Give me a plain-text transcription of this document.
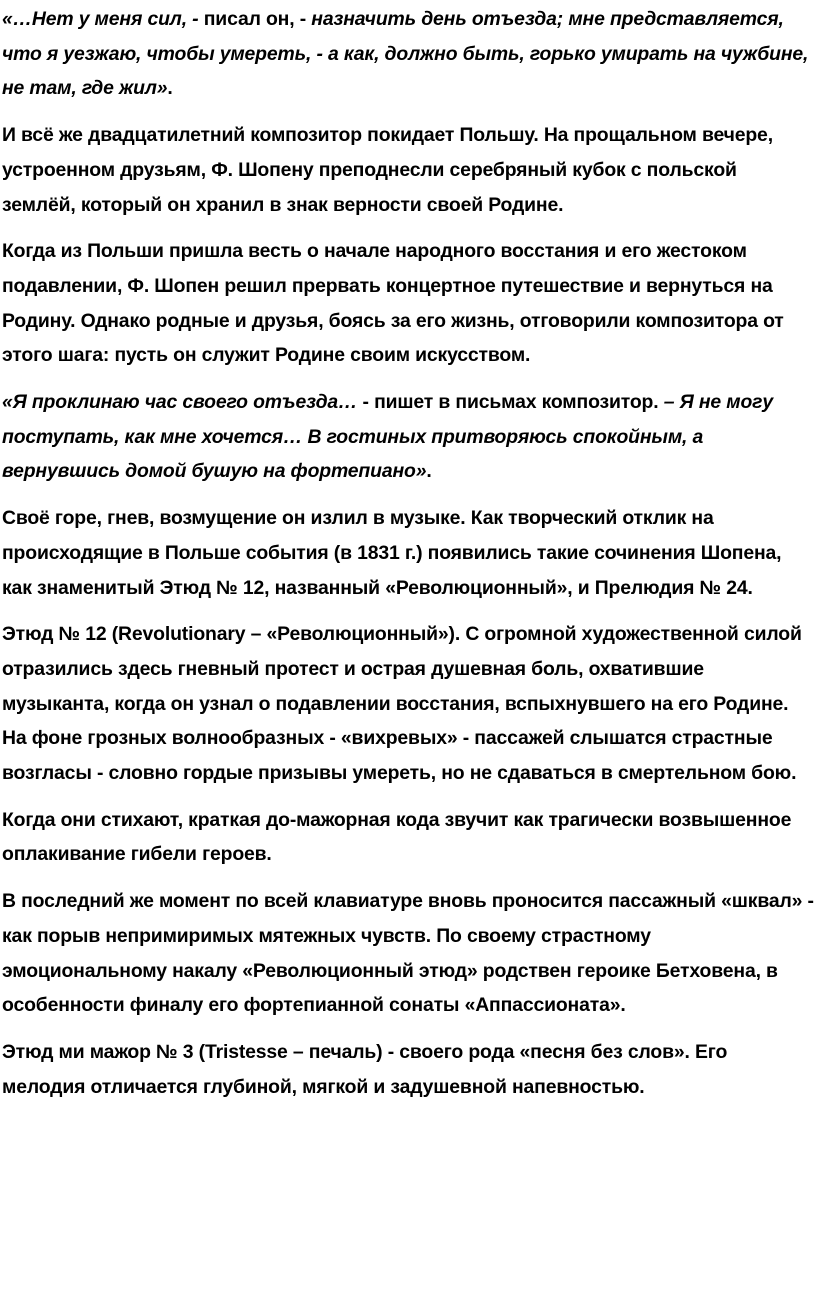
«…Нет у меня сил, - писал он, - назначить день отъезда; мне представляется, что я уезжаю, чтобы умереть, - а как, должно быть, горько умирать на чужбине, не там, где жил».

И всё же двадцатилетний композитор покидает Польшу. На прощальном вечере, устроенном друзьям, Ф. Шопену преподнесли серебряный кубок с польской землёй, который он хранил в знак верности своей Родине.

Когда из Польши пришла весть о начале народного восстания и его жестоком подавлении, Ф. Шопен решил прервать концертное путешествие и вернуться на Родину. Однако родные и друзья, боясь за его жизнь, отговорили композитора от этого шага: пусть он служит Родине своим искусством.

«Я проклинаю час своего отъезда… - пишет в письмах композитор. – Я не могу поступать, как мне хочется… В гостиных притворяюсь спокойным, а вернувшись домой бушую на фортепиано».

Своё горе, гнев, возмущение он излил в музыке. Как творческий отклик на происходящие в Польше события (в 1831 г.) появились такие сочинения Шопена, как знаменитый Этюд № 12, названный «Революционный», и Прелюдия № 24.

Этюд № 12 (Revolutionary – «Революционный»). С огромной художественной силой отразились здесь гневный протест и острая душевная боль, охватившие музыканта, когда он узнал о подавлении восстания, вспыхнувшего на его Родине. На фоне грозных волнообразных - «вихревых» - пассажей слышатся страстные возгласы - словно гордые призывы умереть, но не сдаваться в смертельном бою.

Когда они стихают, краткая до-мажорная кода звучит как трагически возвышенное оплакивание гибели героев.

В последний же момент по всей клавиатуре вновь проносится пассажный «шквал» - как порыв непримиримых мятежных чувств. По своему страстному эмоциональному накалу «Революционный этюд» родствен героике Бетховена, в особенности финалу его фортепианной сонаты «Аппассионата».

Этюд ми мажор № 3 (Tristesse – печаль) - своего рода «песня без слов». Его мелодия отличается глубиной, мягкой и задушевной напевностью.
